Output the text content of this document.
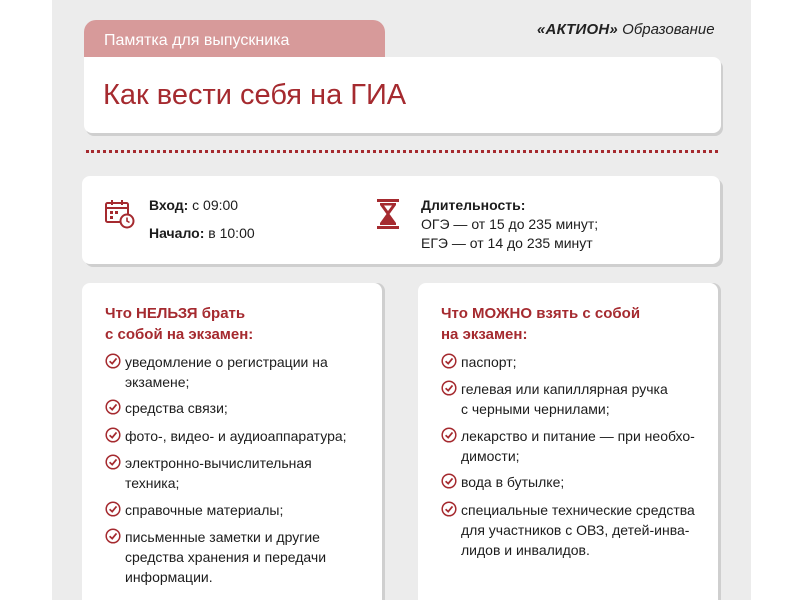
Памятка для выпускника
«АКТИОН» Образование
Как вести себя на ГИА
Вход: с 09:00
Начало: в 10:00
Длительность:
ОГЭ — от 15 до 235 минут;
ЕГЭ — от 14 до 235 минут
Что НЕЛЬЗЯ брать
с собой на экзамен:
уведомление о регистрации на
экзамене;
средства связи;
фото-, видео- и аудиоаппаратура;
электронно-вычислительная
техника;
справочные материалы;
письменные заметки и другие
средства хранения и передачи
информации.
Что МОЖНО взять с собой
на экзамен:
паспорт;
гелевая или капиллярная ручка
с черными чернилами;
лекарство и питание — при необхо-
димости;
вода в бутылке;
специальные технические средства
для участников с ОВЗ, детей-инва-
лидов и инвалидов.
